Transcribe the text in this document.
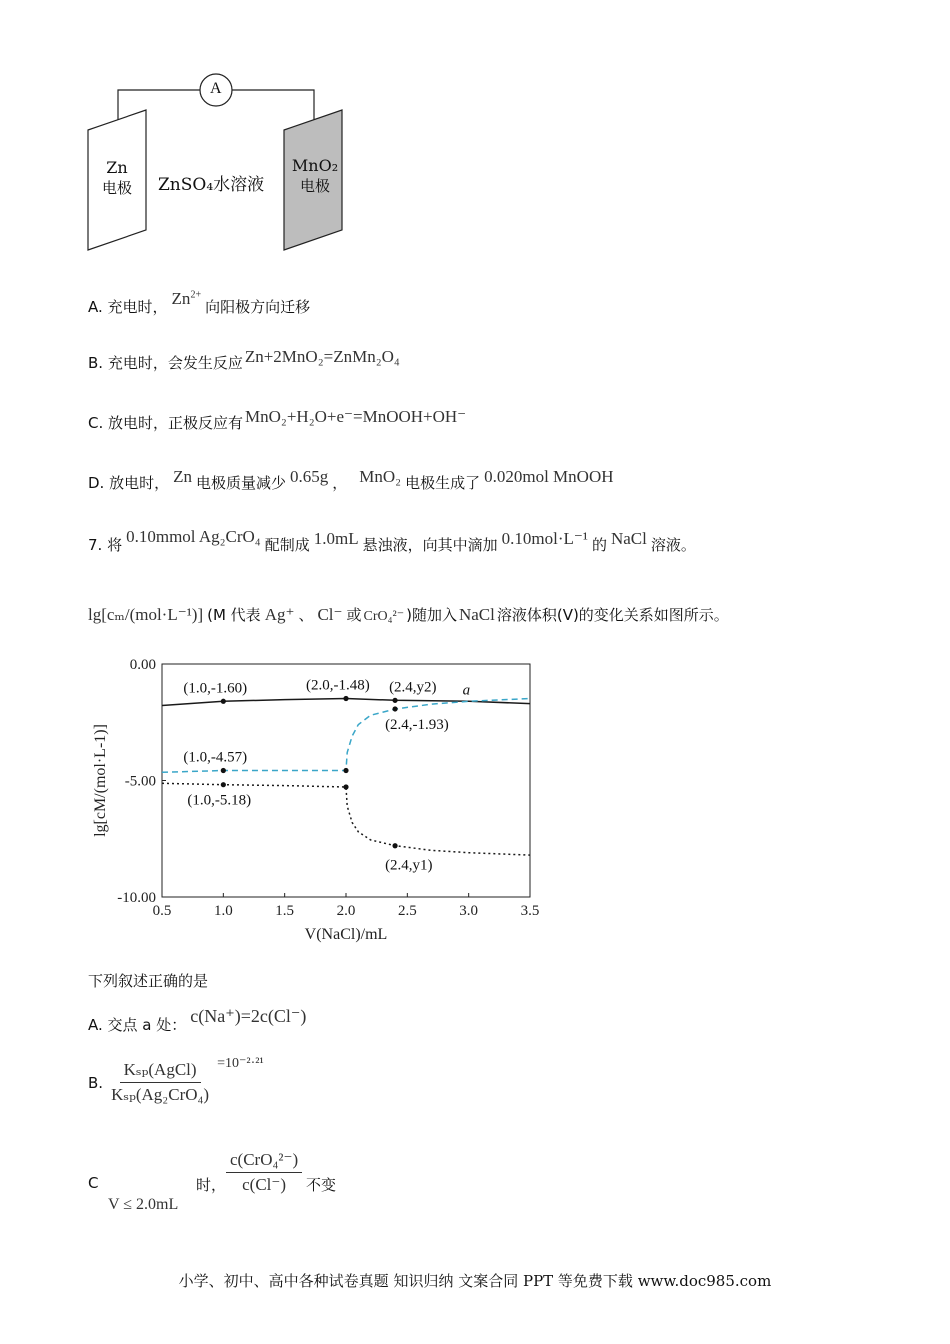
A
Zn
电极 ZnSO₄水溶液
MnO₂
电极
A. 充电时， $Zn^{2+}$
向阳极方向迁移
B. 充电时，会发生反应 Zn+2MnO₂=ZnMn₂O₄
C. 放电时，正极反应有 MnO₂+H₂O+e⁻=MnOOH+OH⁻
D. 放电时， Zn 电极质量减少 0.65g ， MnO₂ 电极生成了 0.020mol MnOOH
7. 将 0.10mmol Ag₂CrO₄ 配制成 1.0mL 悬浊液，向其中滴加 0.10mol·L⁻¹ 的 NaCl 溶液。
lg[cₘ/(mol·L⁻¹)] (M 代表 Ag⁺ 、 Cl⁻ 或 CrO₄²⁻ )随加入 NaCl 溶液体积(V)的变化关系如图所示。
0.5	1.0	1.5	2.0	2.5	3.0	3.5
0.00
-5.00
-10.00
V(NaCl)/mL
lg[cM/(mol·L-1)]
(1.0,-1.60)	(2.0,-1.48) (2.4,y2) a
(2.4,-1.93)
(1.0,-4.57)
(1.0,-5.18)
(2.4,y1)
下列叙述正确的是
A. 交点 a 处： c(Na⁺)=2c(Cl⁻)
B. $\frac{\text{Kₛₚ(AgCl)}}{\text{Kₛₚ(Ag₂CrO₄)}} =10^{-2}\cdot^{21}$
C
V ≤ 2.0mL
时，
c(CrO₄²⁻)
c(Cl⁻) 不变
小学、初中、高中各种试卷真题 知识归纳 文案合同 PPT 等免费下载 www.doc985.com
